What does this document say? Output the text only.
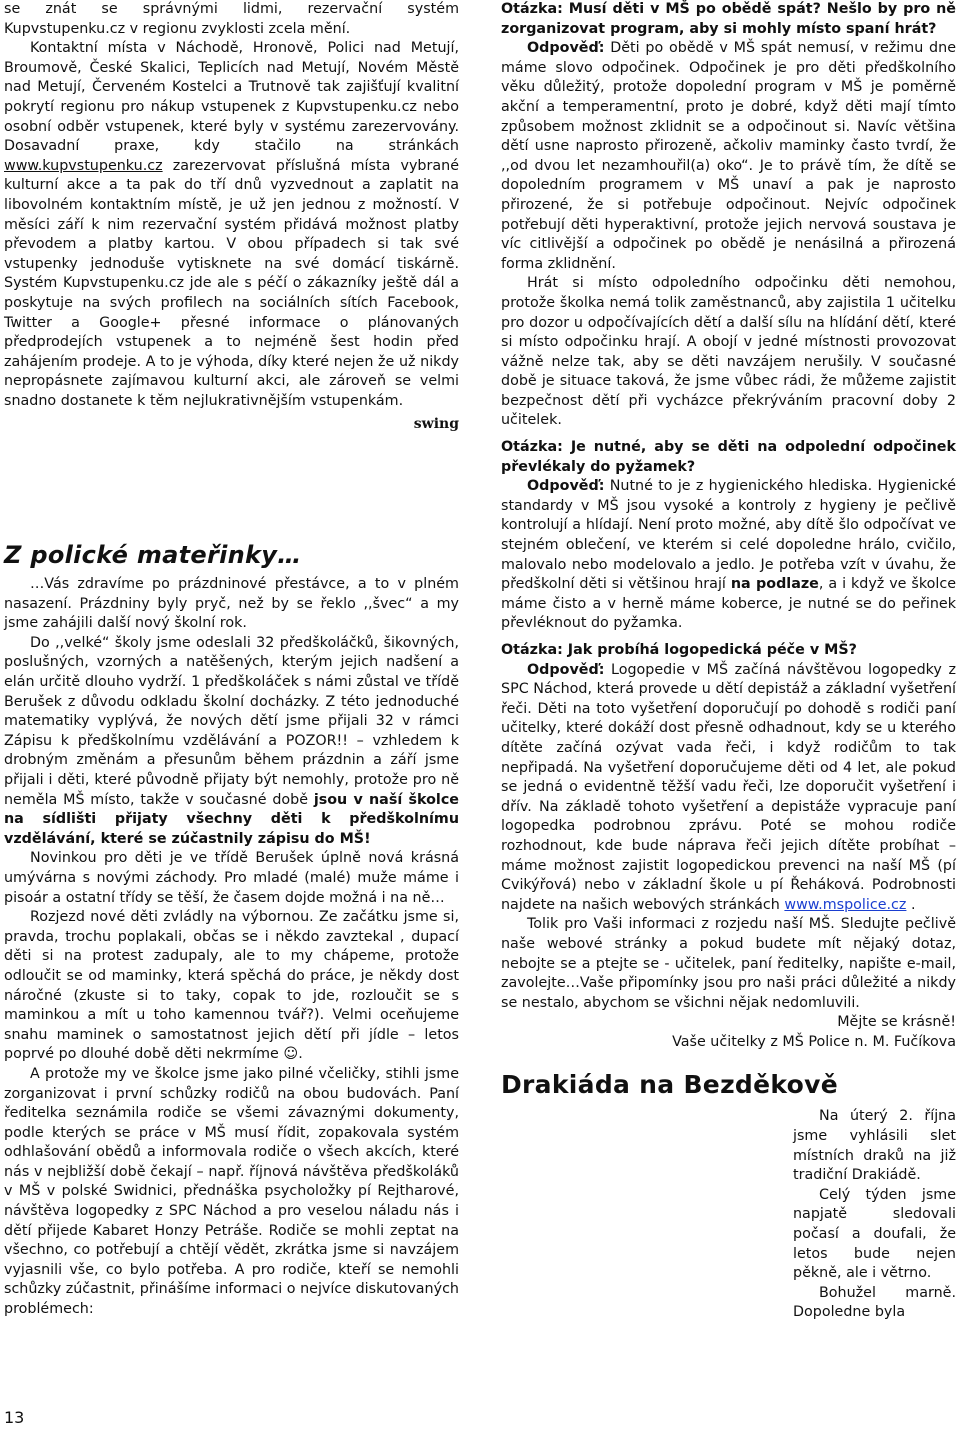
se znát se správnými lidmi, rezervační systém Kupvstupenku.cz v regionu zvyklosti zcela mění.

Kontaktní místa v Náchodě, Hronově, Polici nad Metují, Broumově, České Skalici, Teplicích nad Metují, Novém Městě nad Metují, Červeném Kostelci a Trutnově tak zajišťují kvalitní pokrytí regionu pro nákup vstupenek z Kupvstupenku.cz nebo osobní odběr vstupenek, které byly v systému zarezervovány. Dosavadní praxe, kdy stačilo na stránkách www.kupvstupenku.cz zarezervovat příslušná místa vybrané kulturní akce a ta pak do tří dnů vyzvednout a zaplatit na libovolném kontaktním místě, je už jen jednou z možností. V měsíci září k nim rezervační systém přidává možnost platby převodem a platby kartou. V obou případech si tak své vstupenky jednoduše vytisknete na své domácí tiskárně. Systém Kupvstupenku.cz jde ale s péčí o zákazníky ještě dál a poskytuje na svých profilech na sociálních sítích Facebook, Twitter a Google+ přesné informace o plánovaných předprodejích vstupenek a to nejméně šest hodin před zahájením prodeje. A to je výhoda, díky které nejen že už nikdy nepropásnete zajímavou kulturní akci, ale zároveň se velmi snadno dostanete k těm nejlukrativnějším vstupenkám.

swing

Z polické mateřinky…

…Vás zdravíme po prázdninové přestávce, a to v plném nasazení. Prázdniny byly pryč, než by se řeklo ,,švec“ a my jsme zahájili další nový školní rok.

Do ,,velké“ školy jsme odeslali 32 předškoláčků, šikovných, poslušných, vzorných a natěšených, kterým jejich nadšení a elán určitě dlouho vydrží. 1 předškoláček s námi zůstal ve třídě Berušek z důvodu odkladu školní docházky. Z této jednoduché matematiky vyplývá, že nových dětí jsme přijali 32 v rámci Zápisu k předškolnímu vzdělávání a POZOR!! – vzhledem k drobným změnám a přesunům během prázdnin a září jsme přijali i děti, které původně přijaty být nemohly, protože pro ně neměla MŠ místo, takže v současné době jsou v naší školce na sídlišti přijaty všechny děti k předškolnímu vzdělávání, které se zúčastnily zápisu do MŠ!

Novinkou pro děti je ve třídě Berušek úplně nová krásná umývárna s novými záchody. Pro mladé (malé) muže máme i pisoár a ostatní třídy se těší, že časem dojde možná i na ně…

Rozjezd nové děti zvládly na výbornou. Ze začátku jsme si, pravda, trochu poplakali, občas se i někdo zavztekal , dupací děti si na protest zadupaly, ale to my chápeme, protože odloučit se od maminky, která spěchá do práce, je někdy dost náročné (zkuste si to taky, copak to jde, rozloučit se s maminkou a mít u toho kamennou tvář?). Velmi oceňujeme snahu maminek o samostatnost jejich dětí při jídle – letos poprvé po dlouhé době děti nekrmíme ☺.

A protože my ve školce jsme jako pilné včeličky, stihli jsme zorganizovat i první schůzky rodičů na obou budovách. Paní ředitelka seznámila rodiče se všemi závaznými dokumenty, podle kterých se práce v MŠ musí řídit, zopakovala systém odhlašování obědů a informovala rodiče o všech akcích, které nás v nejbližší době čekají – např. říjnová návštěva předškoláků v MŠ v polské Swidnici, přednáška psycholožky pí Rejtharové, návštěva logopedky z SPC Náchod a pro veselou náladu nás i dětí přijede Kabaret Honzy Petráše. Rodiče se mohli zeptat na všechno, co potřebují a chtějí vědět, zkrátka jsme si navzájem vyjasnili vše, co bylo potřeba. A pro rodiče, kteří se nemohli schůzky zúčastnit, přinášíme informaci o nejvíce diskutovaných problémech:

Otázka: Musí děti v MŠ po obědě spát? Nešlo by pro ně zorganizovat program, aby si mohly místo spaní hrát?

Odpověď: Děti po obědě v MŠ spát nemusí, v režimu dne máme slovo odpočinek. Odpočinek je pro děti předškolního věku důležitý, protože dopolední program v MŠ je poměrně akční a temperamentní, proto je dobré, když děti mají tímto způsobem možnost zklidnit se a odpočinout si. Navíc většina dětí usne naprosto přirozeně, ačkoliv maminky často tvrdí, že ,,od dvou let nezamhouřil(a) oko“. Je to právě tím, že dítě se dopoledním programem v MŠ unaví a pak je naprosto přirozené, že si potřebuje odpočinout. Nejvíc odpočinek potřebují děti hyperaktivní, protože jejich nervová soustava je víc citlivější a odpočinek po obědě je nenásilná a přirozená forma zklidnění.

Hrát si místo odpoledního odpočinku děti nemohou, protože školka nemá tolik zaměstnanců, aby zajistila 1 učitelku pro dozor u odpočívajících dětí a další sílu na hlídání dětí, které si místo odpočinku hrají. A obojí v jedné místnosti provozovat vážně nelze tak, aby se děti navzájem nerušily. V současné době je situace taková, že jsme vůbec rádi, že můžeme zajistit bezpečnost dětí při vycházce překrýváním pracovní doby 2 učitelek.

Otázka: Je nutné, aby se děti na odpolední odpočinek převlékaly do pyžamek?

Odpověď: Nutné to je z hygienického hlediska. Hygienické standardy v MŠ jsou vysoké a kontroly z hygieny je pečlivě kontrolují a hlídají. Není proto možné, aby dítě šlo odpočívat ve stejném oblečení, ve kterém si celé dopoledne hrálo, cvičilo, malovalo nebo modelovalo a jedlo. Je potřeba vzít v úvahu, že předškolní děti si většinou hrají na podlaze, a i když ve školce máme čisto a v herně máme koberce, je nutné se do peřinek převléknout do pyžamka.

Otázka: Jak probíhá logopedická péče v MŠ?

Odpověď: Logopedie v MŠ začíná návštěvou logopedky z SPC Náchod, která provede u dětí depistáž a základní vyšetření řeči. Děti na toto vyšetření doporučují po dohodě s rodiči paní učitelky, které dokáží dost přesně odhadnout, kdy se u kterého dítěte začíná ozývat vada řeči, i když rodičům to tak nepřipadá. Na vyšetření doporučujeme děti od 4 let, ale pokud se jedná o evidentně těžší vadu řeči, lze doporučit vyšetření i dřív. Na základě tohoto vyšetření a depistáže vypracuje paní logopedka podrobnou zprávu. Poté se mohou rodiče rozhodnout, kde bude náprava řeči jejich dítěte probíhat – máme možnost zajistit logopedickou prevenci na naší MŠ (pí Cvikýřová) nebo v základní škole u pí Řeháková. Podrobnosti najdete na našich webových stránkách www.mspolice.cz .

Tolik pro Vaši informaci z rozjedu naší MŠ. Sledujte pečlivě naše webové stránky a pokud budete mít nějaký dotaz, nebojte se a ptejte se - učitelek, paní ředitelky, napište e-mail, zavolejte…Vaše připomínky jsou pro naši práci důležité a nikdy se nestalo, abychom se všichni nějak nedomluvili.

Mějte se krásně!

Vaše učitelky z MŠ Police n. M. Fučíkova

Drakiáda na Bezděkově

Na úterý 2. října jsme vyhlásili slet místních draků na již tradiční Drakiádě.

Celý týden jsme napjatě sledovali počasí a doufali, že letos bude nejen pěkně, ale i větrno.

Bohužel marně. Dopoledne byla

13
